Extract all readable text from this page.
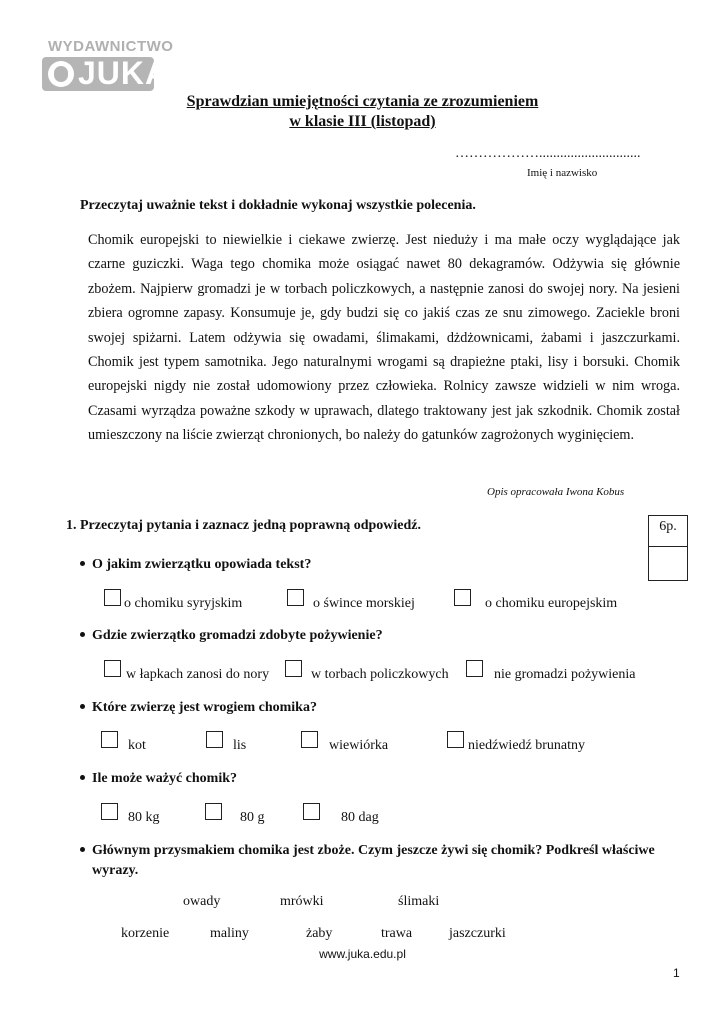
WYDAWNICTWO
JUKA
Sprawdzian umiejętności czytania ze zrozumieniem
w klasie III (listopad)
……………….............................
Imię i nazwisko
Przeczytaj uważnie tekst i dokładnie wykonaj wszystkie polecenia.
Chomik europejski to niewielkie i ciekawe zwierzę. Jest nieduży i ma małe oczy wyglądające jak czarne guziczki. Waga tego chomika może osiągać nawet 80 dekagramów. Odżywia się głównie zbożem. Najpierw gromadzi je w torbach policzkowych, a następnie zanosi do swojej nory. Na jesieni zbiera ogromne zapasy. Konsumuje je, gdy budzi się co jakiś czas ze snu zimowego. Zaciekle broni swojej spiżarni. Latem odżywia się owadami, ślimakami, dżdżownicami, żabami i jaszczurkami. Chomik jest typem samotnika. Jego naturalnymi wrogami są drapieżne ptaki, lisy i borsuki. Chomik europejski nigdy nie został udomowiony przez człowieka. Rolnicy zawsze widzieli w nim wroga. Czasami wyrządza poważne szkody w uprawach, dlatego traktowany jest jak szkodnik. Chomik został umieszczony na liście zwierząt chronionych, bo należy do gatunków zagrożonych wyginięciem.
Opis opracowała Iwona Kobus
1. Przeczytaj pytania i zaznacz jedną poprawną odpowiedź.	6p.
O jakim zwierzątku opowiada tekst?
o chomiku syryjskim	o śwince morskiej	o chomiku europejskim
Gdzie zwierzątko gromadzi zdobyte pożywienie?
w łapkach zanosi do nory	w torbach policzkowych	nie gromadzi pożywienia
Które zwierzę jest wrogiem chomika?
kot	lis	wiewiórka	niedźwiedź brunatny
Ile może ważyć chomik?
80 kg	80 g	80 dag
Głównym przysmakiem chomika jest zboże. Czym jeszcze żywi się chomik? Podkreśl właściwe
wyrazy.
owady	mrówki	ślimaki
korzenie	maliny	żaby	trawa	jaszczurki
www.juka.edu.pl
1
